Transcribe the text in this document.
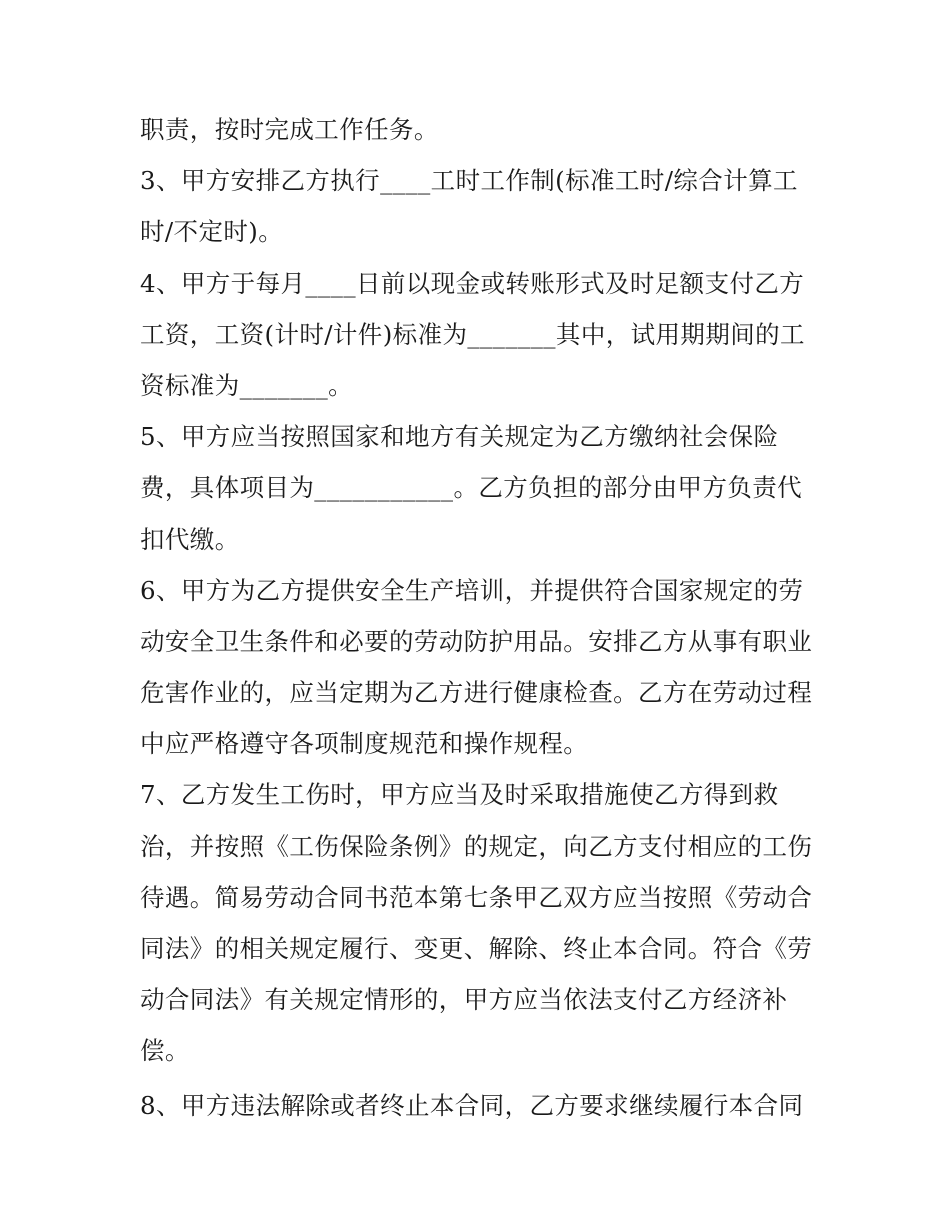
职责，按时完成工作任务。
3、甲方安排乙方执行____工时工作制(标准工时/综合计算工
时/不定时)。
4、甲方于每月____日前以现金或转账形式及时足额支付乙方
工资，工资(计时/计件)标准为_______其中，试用期期间的工
资标准为_______。
5、甲方应当按照国家和地方有关规定为乙方缴纳社会保险
费，具体项目为___________。乙方负担的部分由甲方负责代
扣代缴。
6、甲方为乙方提供安全生产培训，并提供符合国家规定的劳
动安全卫生条件和必要的劳动防护用品。安排乙方从事有职业
危害作业的，应当定期为乙方进行健康检查。乙方在劳动过程
中应严格遵守各项制度规范和操作规程。
7、乙方发生工伤时，甲方应当及时采取措施使乙方得到救
治，并按照《工伤保险条例》的规定，向乙方支付相应的工伤
待遇。简易劳动合同书范本第七条甲乙双方应当按照《劳动合
同法》的相关规定履行、变更、解除、终止本合同。符合《劳
动合同法》有关规定情形的，甲方应当依法支付乙方经济补
偿。
8、甲方违法解除或者终止本合同，乙方要求继续履行本合同
